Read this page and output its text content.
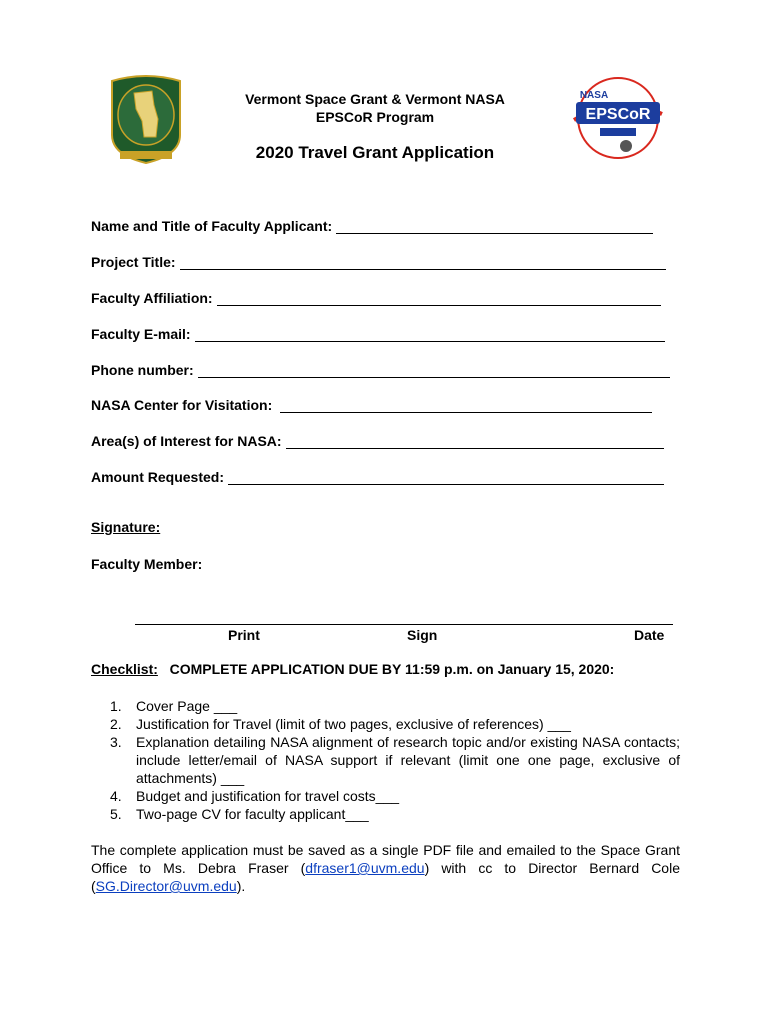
EPSCoR
NASA
Vermont Space Grant & Vermont NASA
EPSCoR Program
2020 Travel Grant Application
Name and Title of Faculty Applicant:
Project Title:
Faculty Affiliation:
Faculty E-mail:
Phone number:
NASA Center for Visitation:
Area(s) of Interest for NASA:
Amount Requested:
Signature:
Faculty Member:
Print	Sign	Date
Checklist: COMPLETE APPLICATION DUE BY 11:59 p.m. on January 15, 2020:
1.	Cover Page ___
2.	Justification for Travel (limit of two pages, exclusive of references) ___
3.	Explanation detailing NASA alignment of research topic and/or existing NASA contacts; include letter/email of NASA support if relevant (limit one one page, exclusive of attachments) ___
4.	Budget and justification for travel costs___
5.	Two-page CV for faculty applicant___
The complete application must be saved as a single PDF file and emailed to the Space Grant Office to Ms. Debra Fraser (dfraser1@uvm.edu) with cc to Director Bernard Cole (SG.Director@uvm.edu).
